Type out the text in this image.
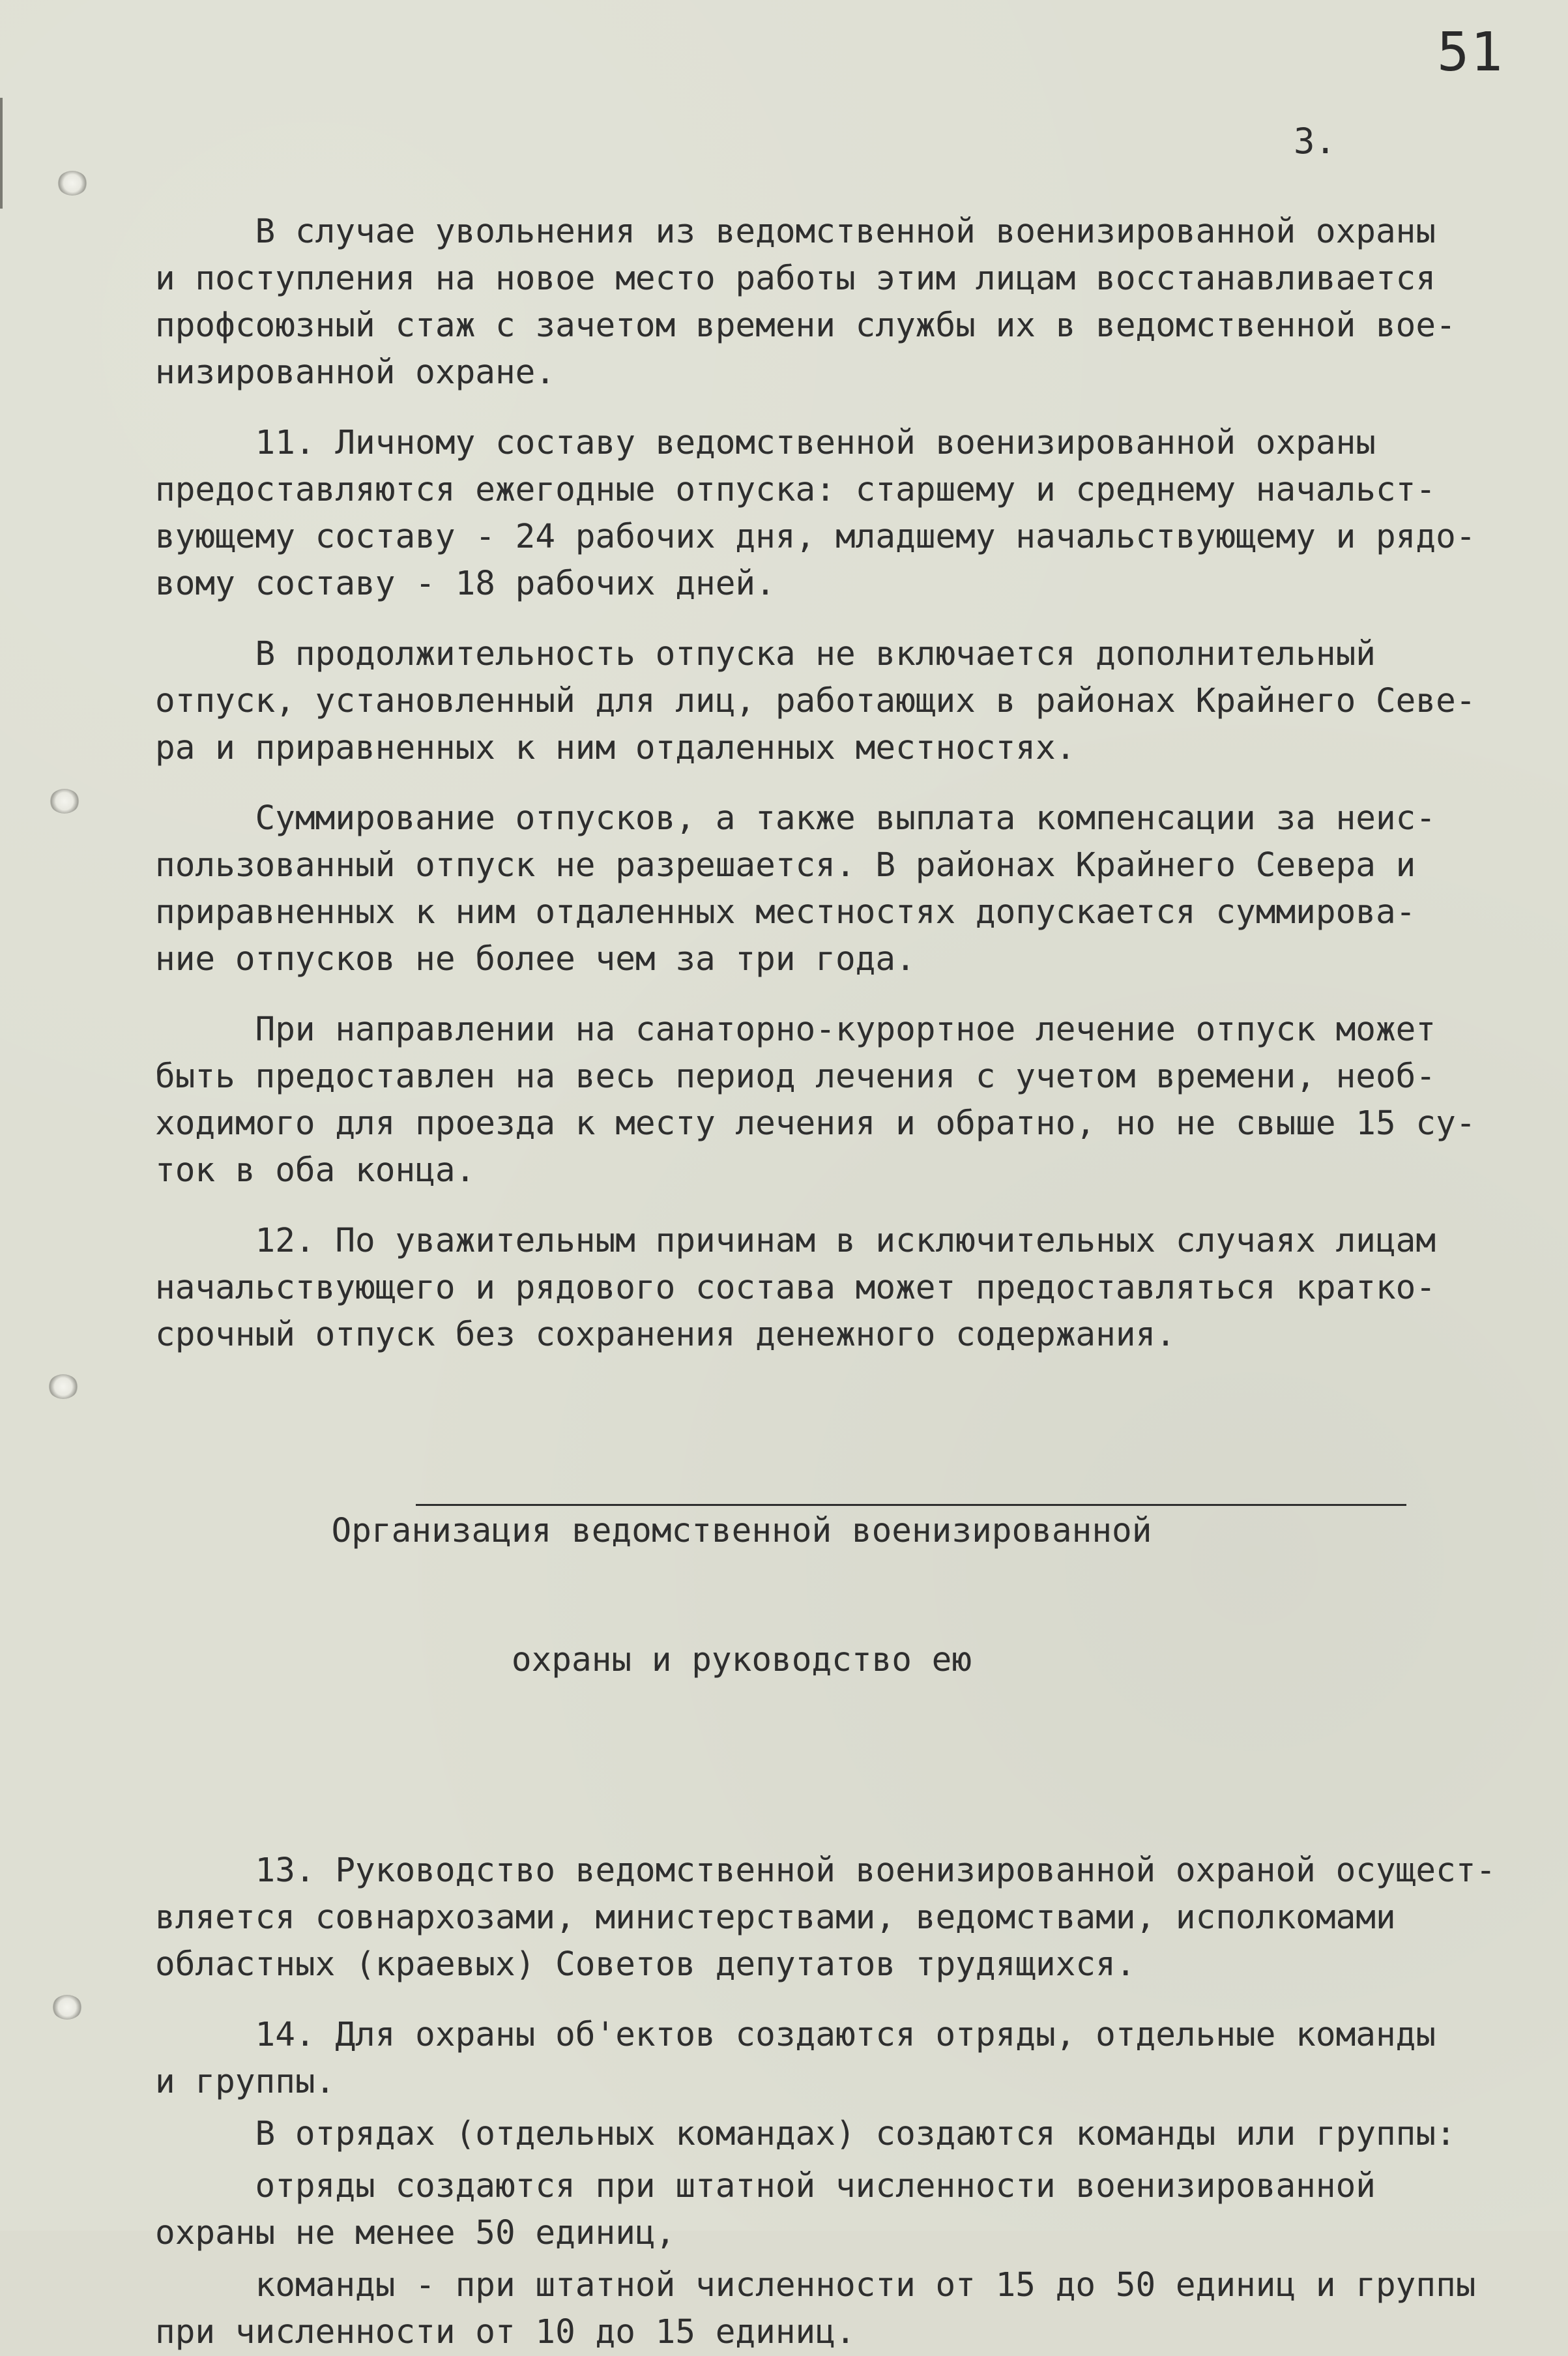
51
3.

В случае увольнения из ведомственной военизированной охраны
и поступления на новое место работы этим лицам восстанавливается
профсоюзный стаж с зачетом времени службы их в ведомственной вое-
низированной охране.

11. Личному составу ведомственной военизированной охраны
предоставляются ежегодные отпуска: старшему и среднему начальст-
вующему составу - 24 рабочих дня, младшему начальствующему и рядо-
вому составу - 18 рабочих дней.

В продолжительность отпуска не включается дополнительный
отпуск, установленный для лиц, работающих в районах Крайнего Севе-
ра и приравненных к ним отдаленных местностях.

Суммирование отпусков, а также выплата компенсации за неис-
пользованный отпуск не разрешается. В районах Крайнего Севера и
приравненных к ним отдаленных местностях допускается суммирова-
ние отпусков не более чем за три года.

При направлении на санаторно-курортное лечение отпуск может
быть предоставлен на весь период лечения с учетом времени, необ-
ходимого для проезда к месту лечения и обратно, но не свыше 15 су-
ток в оба конца.

12. По уважительным причинам в исключительных случаях лицам
начальствующего и рядового состава может предоставляться кратко-
срочный отпуск без сохранения денежного содержания.

Организация ведомственной военизированной

охраны и руководство ею

13. Руководство ведомственной военизированной охраной осущест-
вляется совнархозами, министерствами, ведомствами, исполкомами
областных (краевых) Советов депутатов трудящихся.

14. Для охраны об'ектов создаются отряды, отдельные команды
и группы.

В отрядах (отдельных командах) создаются команды или группы:

отряды создаются при штатной численности военизированной
охраны не менее 50 единиц,

команды - при штатной численности от 15 до 50 единиц и группы
при численности от 10 до 15 единиц.
